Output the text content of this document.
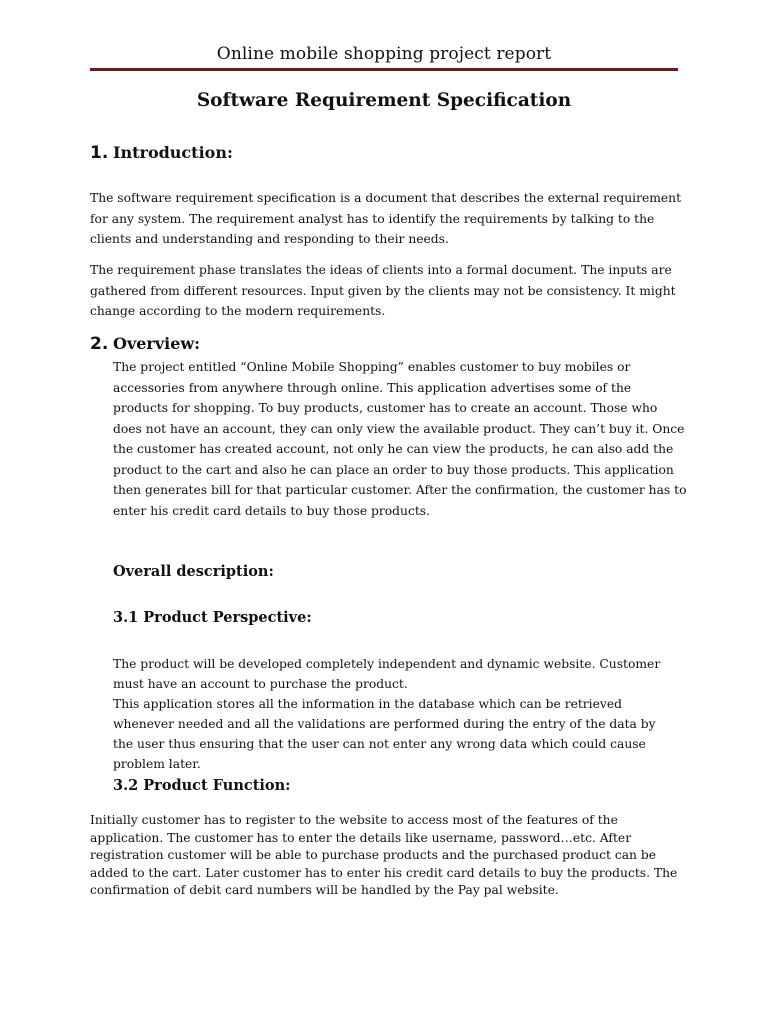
Online mobile shopping project report
Software Requirement Specification
1. Introduction:

The software requirement specification is a document that describes the external requirement for any system. The requirement analyst has to identify the requirements by talking to the clients and understanding and responding to their needs.

The requirement phase translates the ideas of clients into a formal document. The inputs are gathered from different resources. Input given by the clients may not be consistency. It might change according to the modern requirements.

2. Overview:

The project entitled “Online Mobile Shopping” enables customer to buy mobiles or accessories from anywhere through online. This application advertises some of the products for shopping. To buy products, customer has to create an account. Those who does not have an account, they can only view the available product. They can’t buy it. Once the customer has created account, not only he can view the products, he can also add the product to the cart and also he can place an order to buy those products. This application then generates bill for that particular customer. After the confirmation, the customer has to enter his credit card details to buy those products.

Overall description:
3.1 Product Perspective:

The product will be developed completely independent and dynamic website. Customer must have an account to purchase the product.

This application stores all the information in the database which can be retrieved whenever needed and all the validations are performed during the entry of the data by the user thus ensuring that the user can not enter any wrong data which could cause problem later.

3.2 Product Function:

Initially customer has to register to the website to access most of the features of the application. The customer has to enter the details like username, password…etc. After registration customer will be able to purchase products and the purchased product can be added to the cart. Later customer has to enter his credit card details to buy the products. The confirmation of debit card numbers will be handled by the Pay pal website.
